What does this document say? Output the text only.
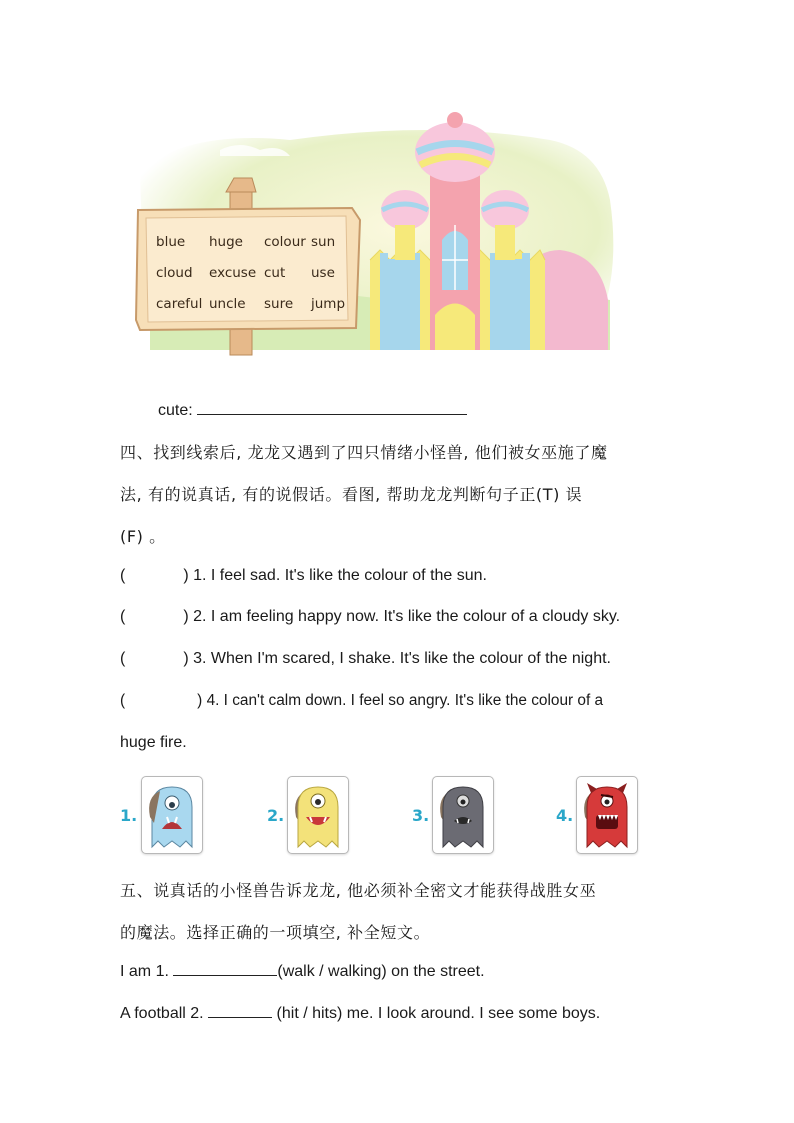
blue huge colour sun
cloud excuse cut use
careful uncle sure jump
cute:
四、找到线索后, 龙龙又遇到了四只情绪小怪兽, 他们被女巫施了魔
法, 有的说真话, 有的说假话。看图, 帮助龙龙判断句子正(T) 误
(F) 。
(	) 1. I feel sad. It's like the colour of the sun.
(	) 2. I am feeling happy now. It's like the colour of a cloudy sky.
(	) 3. When I'm scared, I shake. It's like the colour of the night.
(	) 4. I can't calm down. I feel so angry. It's like the colour of a
huge fire.
1.	2.	3.	4.
五、说真话的小怪兽告诉龙龙, 他必须补全密文才能获得战胜女巫
的魔法。选择正确的一项填空, 补全短文。
I am 1.	(walk / walking) on the street.
A football 2.	(hit / hits) me. I look around. I see some boys.
